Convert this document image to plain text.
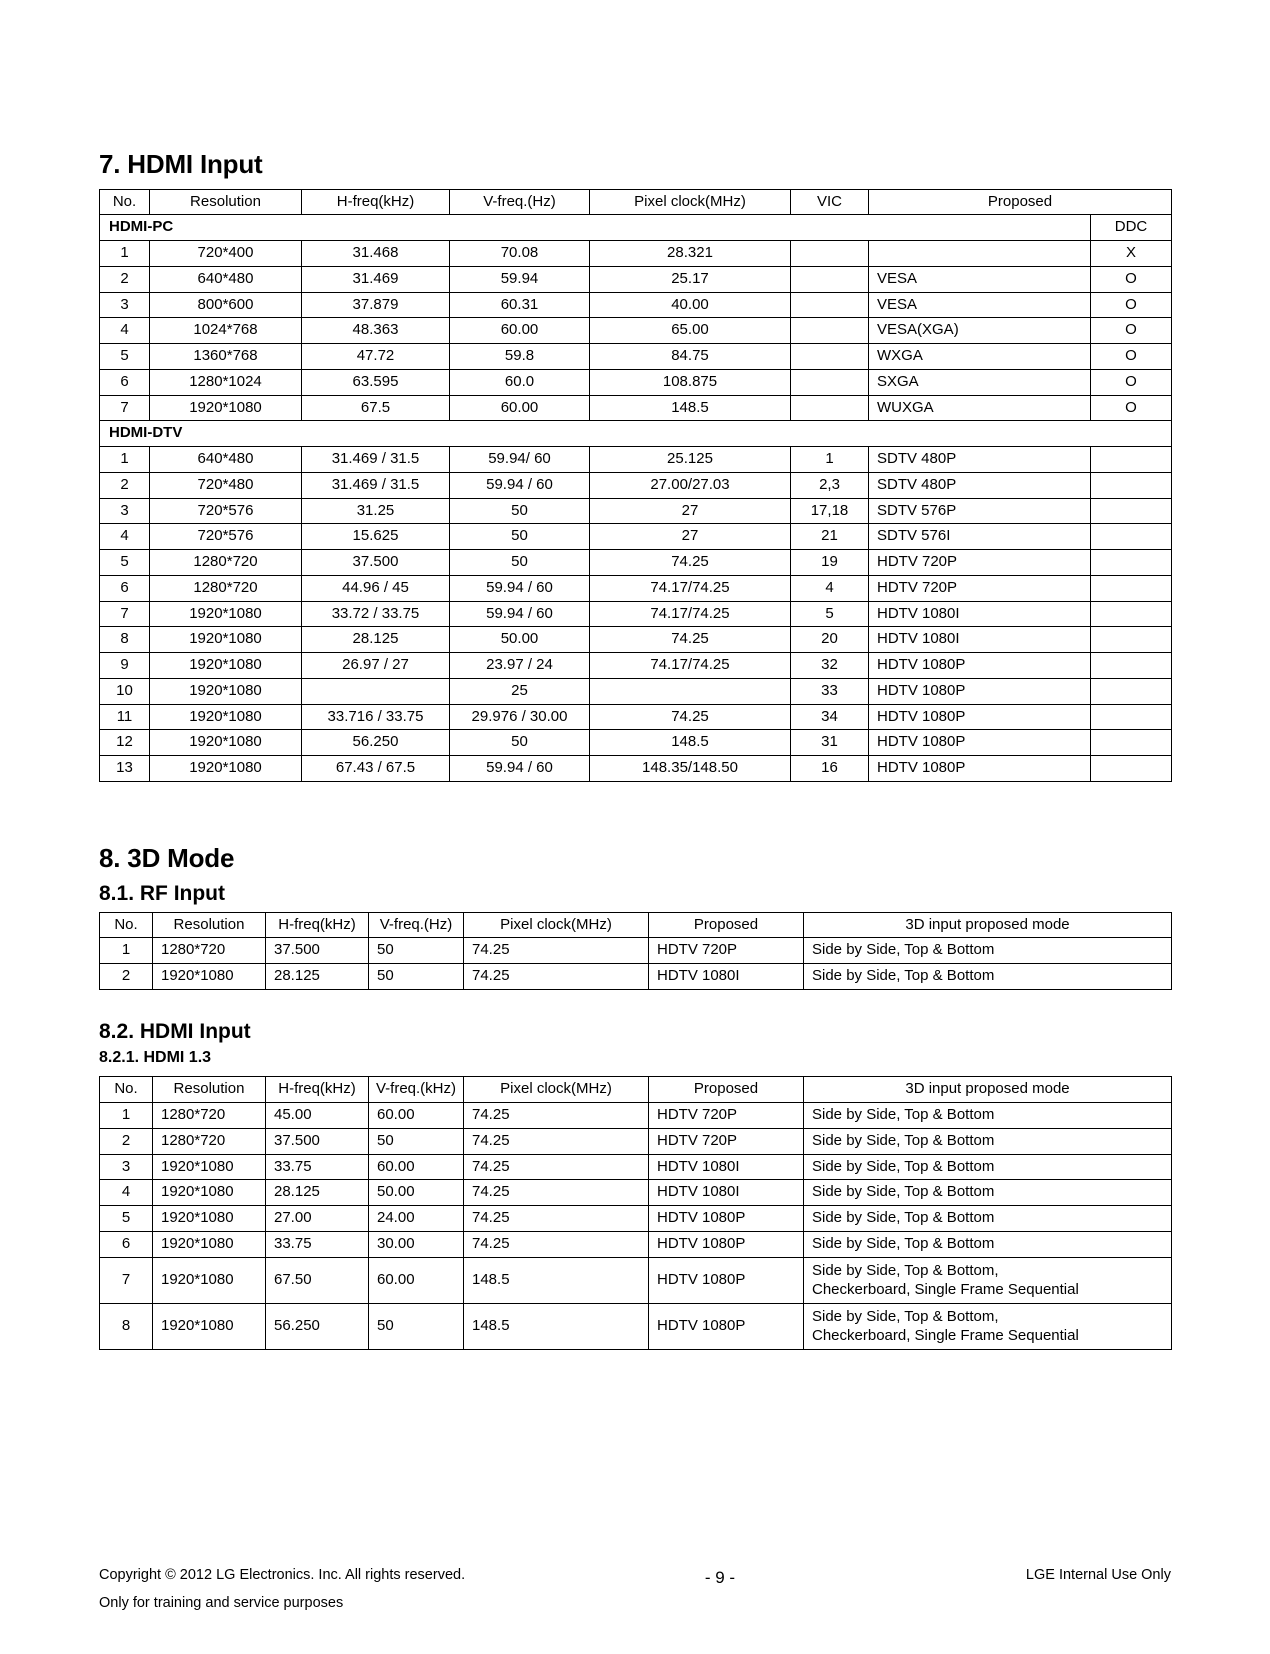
7. HDMI Input
No.	Resolution	H-freq(kHz)	V-freq.(Hz)	Pixel clock(MHz)	VIC	Proposed	
HDMI-PC							DDC
1	720*400	31.468	70.08	28.321			X
2	640*480	31.469	59.94	25.17		VESA	O
3	800*600	37.879	60.31	40.00		VESA	O
4	1024*768	48.363	60.00	65.00		VESA(XGA)	O
5	1360*768	47.72	59.8	84.75		WXGA	O
6	1280*1024	63.595	60.0	108.875		SXGA	O
7	1920*1080	67.5	60.00	148.5		WUXGA	O
HDMI-DTV							
1	640*480	31.469 / 31.5	59.94/ 60	25.125	1	SDTV 480P	
2	720*480	31.469 / 31.5	59.94 / 60	27.00/27.03	2,3	SDTV 480P	
3	720*576	31.25	50	27	17,18	SDTV 576P	
4	720*576	15.625	50	27	21	SDTV 576I	
5	1280*720	37.500	50	74.25	19	HDTV 720P	
6	1280*720	44.96 / 45	59.94 / 60	74.17/74.25	4	HDTV 720P	
7	1920*1080	33.72 / 33.75	59.94 / 60	74.17/74.25	5	HDTV 1080I	
8	1920*1080	28.125	50.00	74.25	20	HDTV 1080I	
9	1920*1080	26.97 / 27	23.97 / 24	74.17/74.25	32	HDTV 1080P	
10	1920*1080		25		33	HDTV 1080P	
11	1920*1080	33.716 / 33.75	29.976 / 30.00	74.25	34	HDTV 1080P	
12	1920*1080	56.250	50	148.5	31	HDTV 1080P	
13	1920*1080	67.43 / 67.5	59.94 / 60	148.35/148.50	16	HDTV 1080P	
8. 3D Mode
8.1. RF Input
No.	Resolution	H-freq(kHz)	V-freq.(Hz)	Pixel clock(MHz)	Proposed	3D input proposed mode
1	1280*720	37.500	50	74.25	HDTV 720P	Side by Side, Top & Bottom
2	1920*1080	28.125	50	74.25	HDTV 1080I	Side by Side, Top & Bottom
8.2. HDMI Input
8.2.1. HDMI 1.3
No.	Resolution	H-freq(kHz)	V-freq.(kHz)	Pixel clock(MHz)	Proposed	3D input proposed mode
1	1280*720	45.00	60.00	74.25	HDTV 720P	Side by Side, Top & Bottom
2	1280*720	37.500	50	74.25	HDTV 720P	Side by Side, Top & Bottom
3	1920*1080	33.75	60.00	74.25	HDTV 1080I	Side by Side, Top & Bottom
4	1920*1080	28.125	50.00	74.25	HDTV 1080I	Side by Side, Top & Bottom
5	1920*1080	27.00	24.00	74.25	HDTV 1080P	Side by Side, Top & Bottom
6	1920*1080	33.75	30.00	74.25	HDTV 1080P	Side by Side, Top & Bottom
7	1920*1080	67.50	60.00	148.5	HDTV 1080P	Side by Side, Top & Bottom,
Checkerboard, Single Frame Sequential
8	1920*1080	56.250	50	148.5	HDTV 1080P	Side by Side, Top & Bottom,
Checkerboard, Single Frame Sequential
Copyright © 2012 LG Electronics. Inc. All rights reserved.	- 9 -	LGE Internal Use Only
Only for training and service purposes
